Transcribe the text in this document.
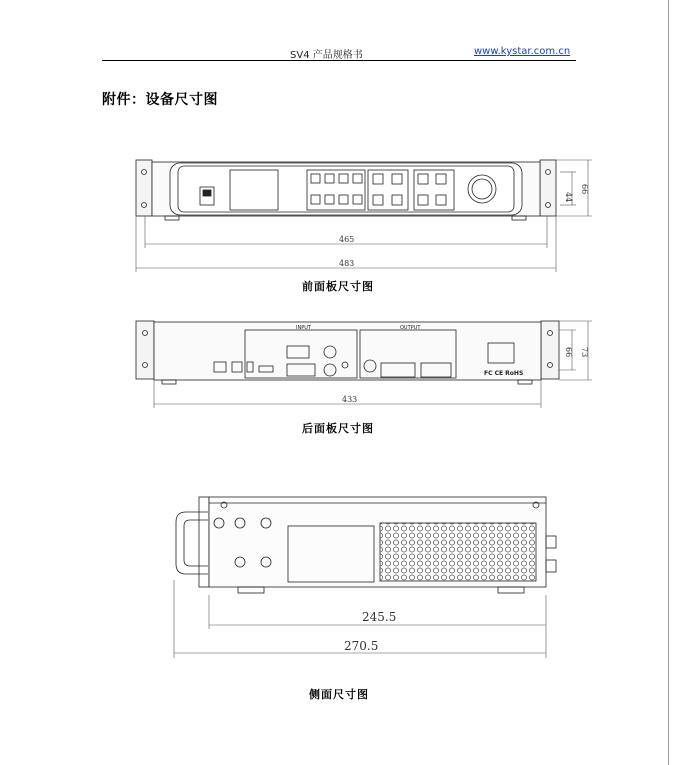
SV4 产品规格书	www.kystar.com.cn
附件：设备尺寸图
465
483
44
66
433
66 73
INPUT	OUTPUT
FC CE RoHS
245.5
270.5
前面板尺寸图
后面板尺寸图
侧面尺寸图
